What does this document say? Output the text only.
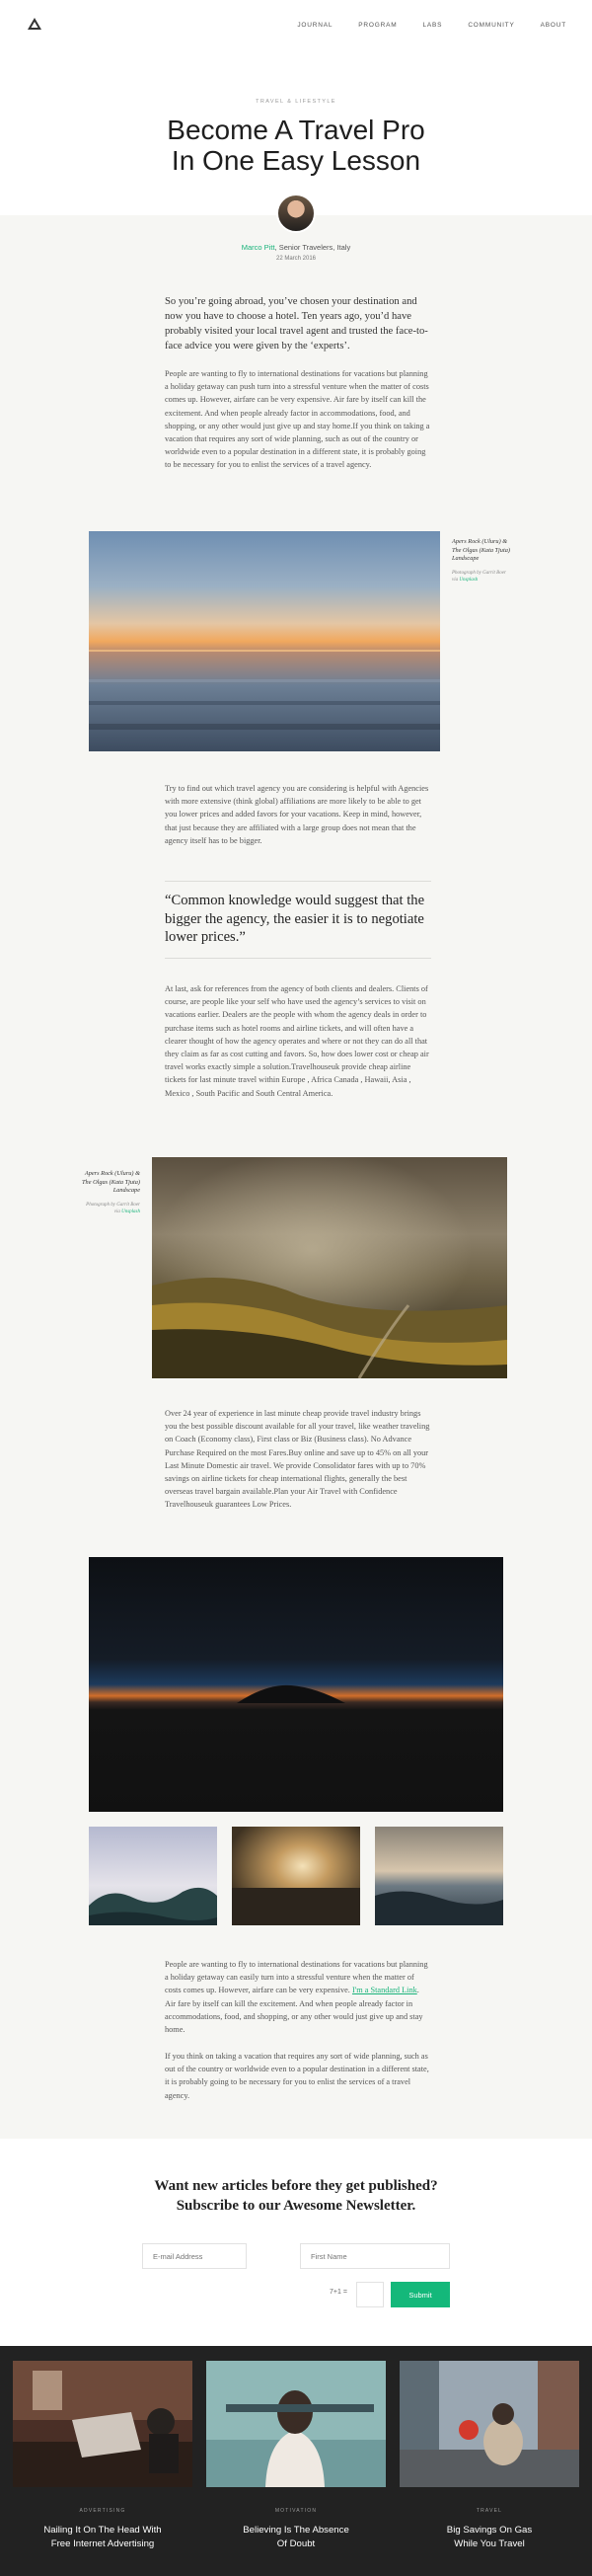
JOURNAL	PROGRAM	LABS	COMMUNITY	ABOUT
TRAVEL & LIFESTYLE
Become A Travel Pro
In One Easy Lesson
Marco Pitt, Senior Travelers, Italy
22 March 2016

So you’re going abroad, you’ve chosen your destination and now you have to choose a hotel. Ten years ago, you’d have probably visited your local travel agent and trusted the face-to-face advice you were given by the ‘experts’.

People are wanting to fly to international destinations for vacations but planning a holiday getaway can push turn into a stressful venture when the matter of costs comes up. However, airfare can be very expensive. Air fare by itself can kill the excitement. And when people already factor in accommodations, food, and shopping, or any other would just give up and stay home.If you think on taking a vacation that requires any sort of wide planning, such as out of the country or worldwide even to a popular destination in a different state, it is probably going to be necessary for you to enlist the services of a travel agency.

Apers Rock (Uluru) & The Olgas (Kata Tjuta) Landscape
Photograph by Garrit Boer via Unsplash

Try to find out which travel agency you are considering is helpful with Agencies with more extensive (think global) affiliations are more likely to be able to get you lower prices and added favors for your vacations. Keep in mind, however, that just because they are affiliated with a large group does not mean that the agency itself has to be bigger.

“Common knowledge would suggest that the bigger the agency, the easier it is to negotiate lower prices.”

At last, ask for references from the agency of both clients and dealers. Clients of course, are people like your self who have used the agency’s services to visit on vacations earlier. Dealers are the people with whom the agency deals in order to purchase items such as hotel rooms and airline tickets, and will often have a clearer thought of how the agency operates and where or not they can do all that they claim as far as cost cutting and favors. So, how does lower cost or cheap air travel works exactly simple a solution.Travelhouseuk provide cheap airline tickets for last minute travel within Europe , Africa Canada , Hawaii, Asia , Mexico , South Pacific and South Central America.

Apers Rock (Uluru) & The Olgas (Kata Tjuta) Landscape
Photograph by Garrit Boer via Unsplash

Over 24 year of experience in last minute cheap provide travel industry brings you the best possible discount available for all your travel, like weather traveling on Coach (Economy class), First class or Biz (Business class). No Advance Purchase Required on the most Fares.Buy online and save up to 45% on all your Last Minute Domestic air travel. We provide Consolidator fares with up to 70% savings on airline tickets for cheap international flights, generally the best overseas travel bargain available.Plan your Air Travel with Confidence Travelhouseuk guarantees Low Prices.

People are wanting to fly to international destinations for vacations but planning a holiday getaway can easily turn into a stressful venture when the matter of costs comes up. However, airfare can be very expensive. I'm a Standard Link. Air fare by itself can kill the excitement. And when people already factor in accommodations, food, and shopping, or any other would just give up and stay home.

If you think on taking a vacation that requires any sort of wide planning, such as out of the country or worldwide even to a popular destination in a different state, it is probably going to be necessary for you to enlist the services of a travel agency.

Want new articles before they get published?
Subscribe to our Awesome Newsletter.
E-mail Address
First Name
7+1 =	Submit
ADVERTISING
Nailing It On The Head With
Free Internet Advertising
MOTIVATION
Believing Is The Absence
Of Doubt
TRAVEL
Big Savings On Gas
While You Travel
